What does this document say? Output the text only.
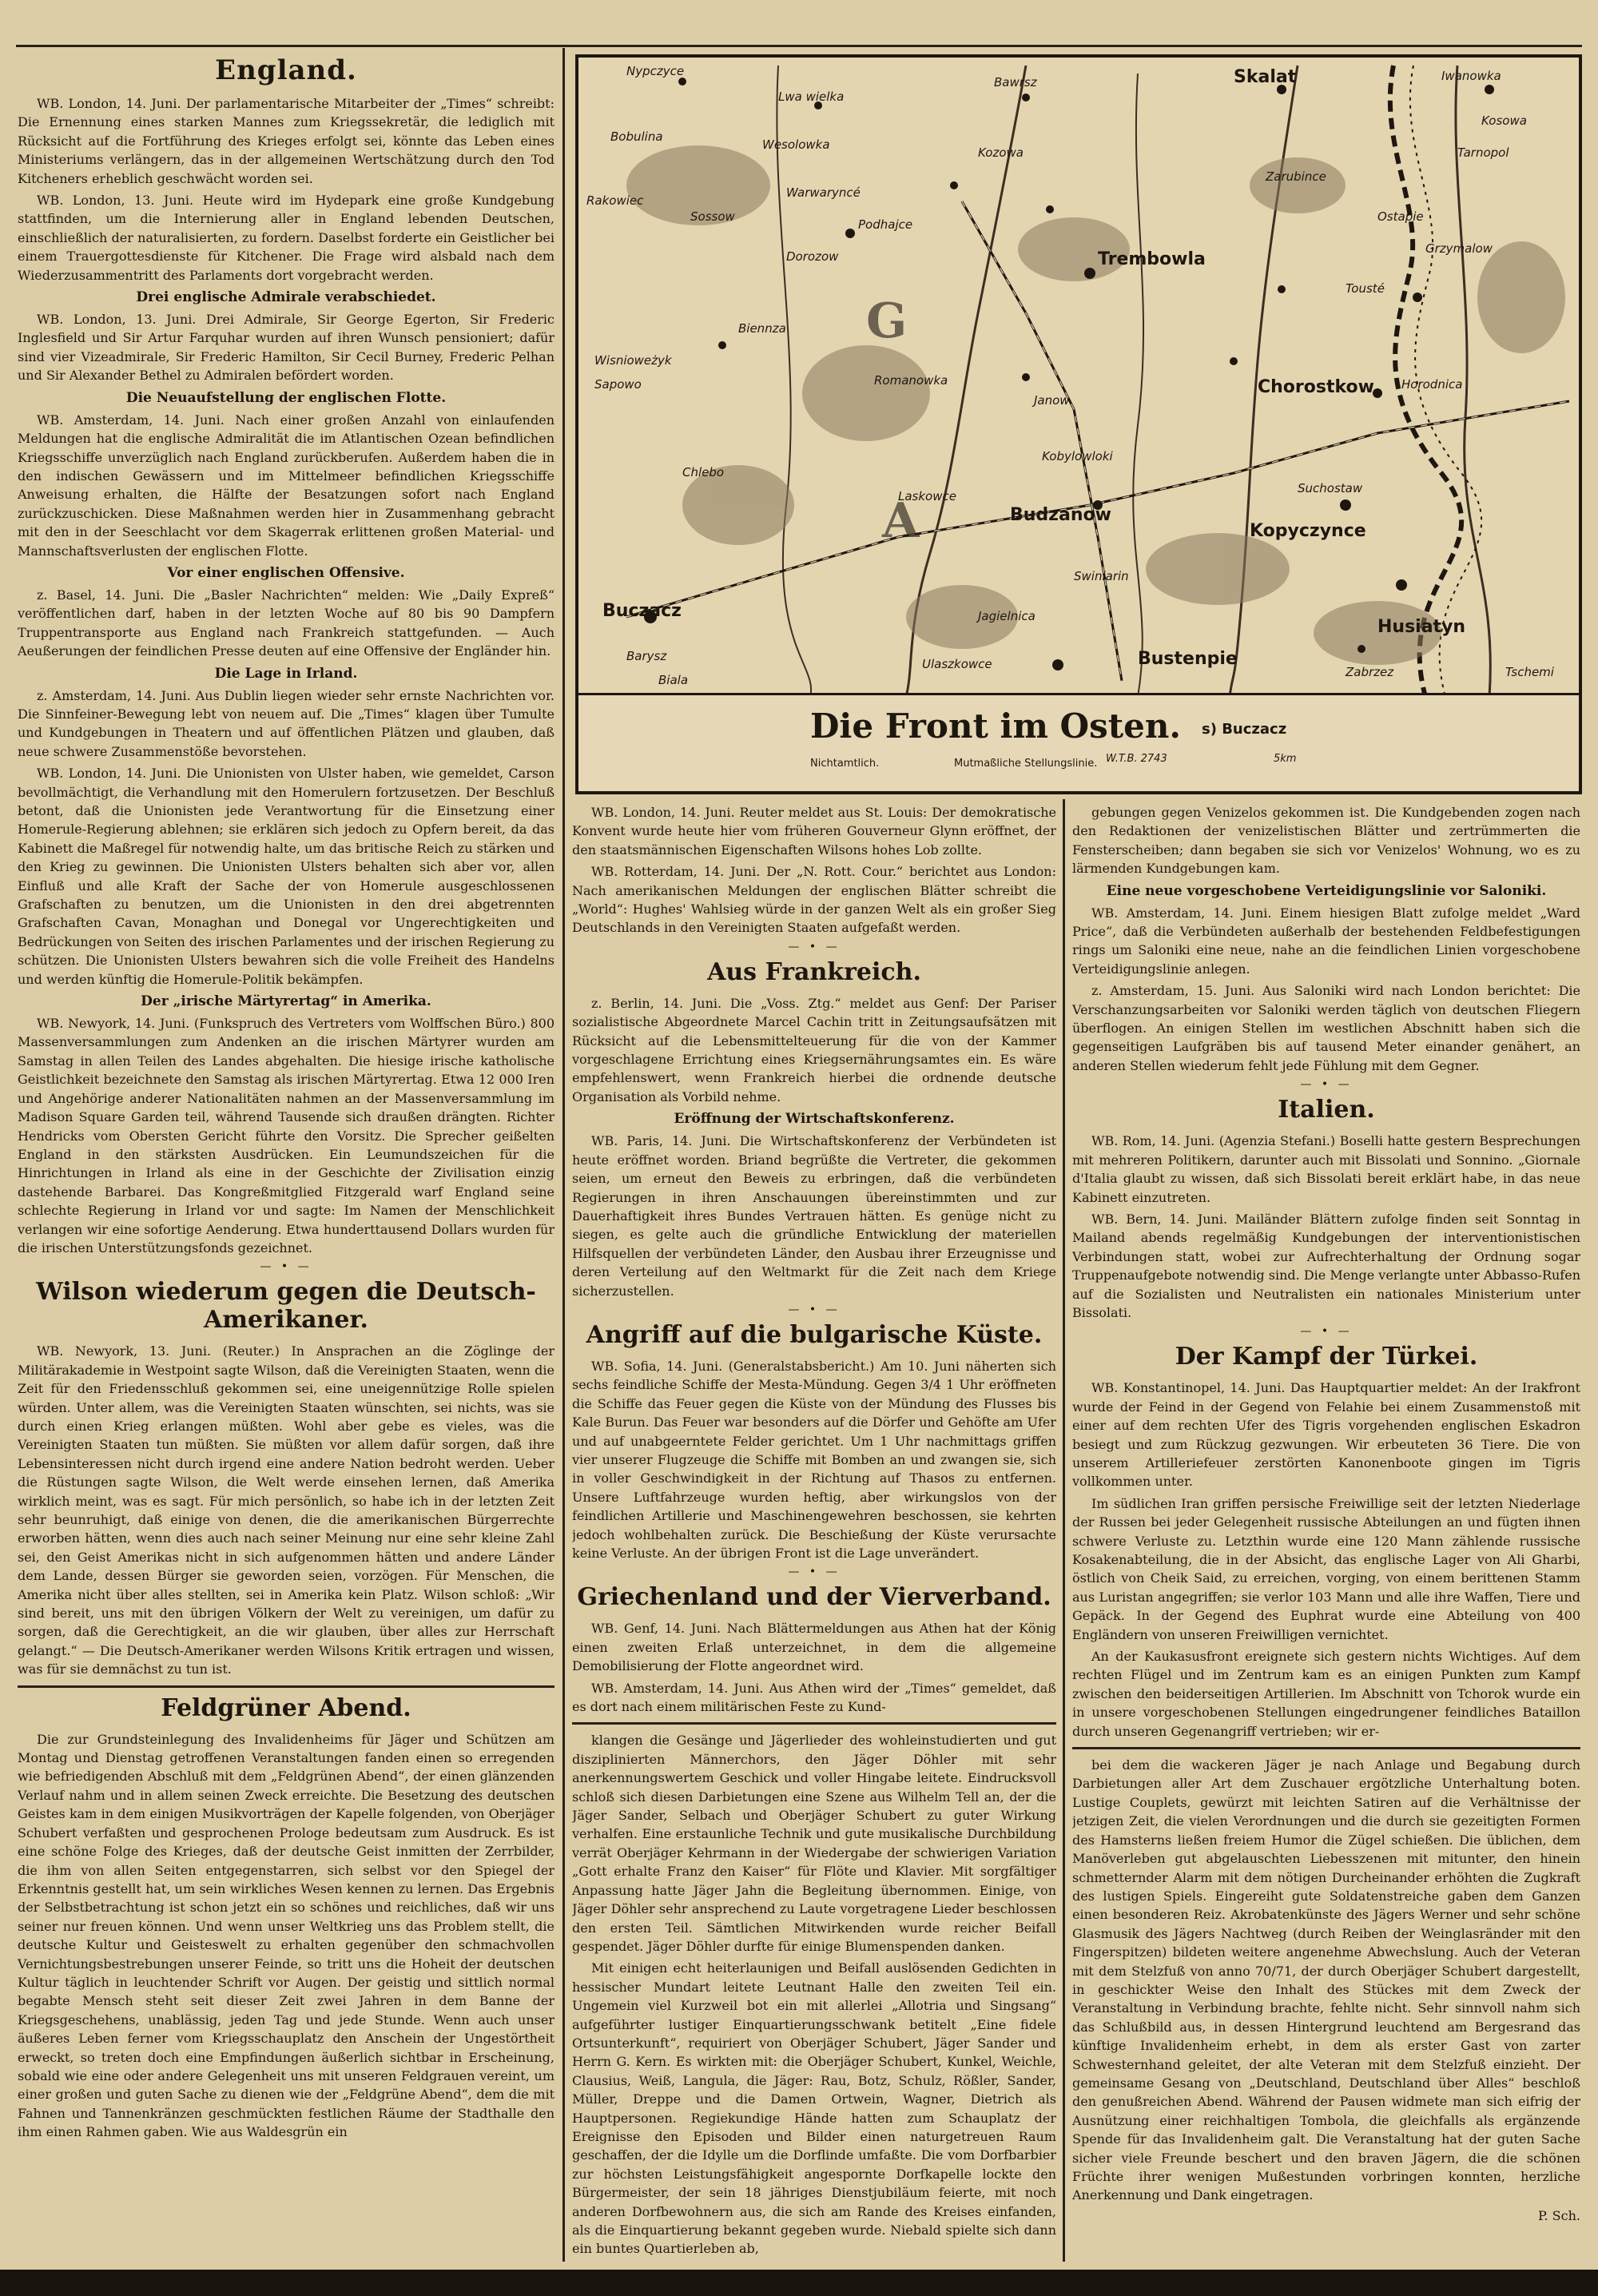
England.

WB. London, 14. Juni. Der parlamentarische Mitarbeiter der „Times“ schreibt: Die Ernennung eines starken Mannes zum Kriegssekretär, die lediglich mit Rücksicht auf die Fortführung des Krieges erfolgt sei, könnte das Leben eines Ministeriums verlängern, das in der allgemeinen Wertschätzung durch den Tod Kitcheners erheblich geschwächt worden sei.

WB. London, 13. Juni. Heute wird im Hydepark eine große Kundgebung stattfinden, um die Internierung aller in England lebenden Deutschen, einschließlich der naturalisierten, zu fordern. Daselbst forderte ein Geistlicher bei einem Trauergottesdienste für Kitchener. Die Frage wird alsbald nach dem Wiederzusammentritt des Parlaments dort vorgebracht werden.

Drei englische Admirale verabschiedet.

WB. London, 13. Juni. Drei Admirale, Sir George Egerton, Sir Frederic Inglesfield und Sir Artur Farquhar wurden auf ihren Wunsch pensioniert; dafür sind vier Vizeadmirale, Sir Frederic Hamilton, Sir Cecil Burney, Frederic Pelhan und Sir Alexander Bethel zu Admiralen befördert worden.

Die Neuaufstellung der englischen Flotte.

WB. Amsterdam, 14. Juni. Nach einer großen Anzahl von einlaufenden Meldungen hat die englische Admiralität die im Atlantischen Ozean befindlichen Kriegsschiffe unverzüglich nach England zurückberufen. Außerdem haben die in den indischen Gewässern und im Mittelmeer befindlichen Kriegsschiffe Anweisung erhalten, die Hälfte der Besatzungen sofort nach England zurückzuschicken. Diese Maßnahmen werden hier in Zusammenhang gebracht mit den in der Seeschlacht vor dem Skagerrak erlittenen großen Material- und Mannschaftsverlusten der englischen Flotte.

Vor einer englischen Offensive.

z. Basel, 14. Juni. Die „Basler Nachrichten“ melden: Wie „Daily Expreß“ veröffentlichen darf, haben in der letzten Woche auf 80 bis 90 Dampfern Truppentransporte aus England nach Frankreich stattgefunden. — Auch Aeußerungen der feindlichen Presse deuten auf eine Offensive der Engländer hin.

Die Lage in Irland.

z. Amsterdam, 14. Juni. Aus Dublin liegen wieder sehr ernste Nachrichten vor. Die Sinnfeiner-Bewegung lebt von neuem auf. Die „Times“ klagen über Tumulte und Kundgebungen in Theatern und auf öffentlichen Plätzen und glauben, daß neue schwere Zusammenstöße bevorstehen.

WB. London, 14. Juni. Die Unionisten von Ulster haben, wie gemeldet, Carson bevollmächtigt, die Verhandlung mit den Homerulern fortzusetzen. Der Beschluß betont, daß die Unionisten jede Verantwortung für die Einsetzung einer Homerule-Regierung ablehnen; sie erklären sich jedoch zu Opfern bereit, da das Kabinett die Maßregel für notwendig halte, um das britische Reich zu stärken und den Krieg zu gewinnen. Die Unionisten Ulsters behalten sich aber vor, allen Einfluß und alle Kraft der Sache der von Homerule ausgeschlossenen Grafschaften zu benutzen, um die Unionisten in den drei abgetrennten Grafschaften Cavan, Monaghan und Donegal vor Ungerechtigkeiten und Bedrückungen von Seiten des irischen Parlamentes und der irischen Regierung zu schützen. Die Unionisten Ulsters bewahren sich die volle Freiheit des Handelns und werden künftig die Homerule-Politik bekämpfen.

Der „irische Märtyrertag“ in Amerika.

WB. Newyork, 14. Juni. (Funkspruch des Vertreters vom Wolffschen Büro.) 800 Massenversammlungen zum Andenken an die irischen Märtyrer wurden am Samstag in allen Teilen des Landes abgehalten. Die hiesige irische katholische Geistlichkeit bezeichnete den Samstag als irischen Märtyrertag. Etwa 12 000 Iren und Angehörige anderer Nationalitäten nahmen an der Massenversammlung im Madison Square Garden teil, während Tausende sich draußen drängten. Richter Hendricks vom Obersten Gericht führte den Vorsitz. Die Sprecher geißelten England in den stärksten Ausdrücken. Ein Leumundszeichen für die Hinrichtungen in Irland als eine in der Geschichte der Zivilisation einzig dastehende Barbarei. Das Kongreßmitglied Fitzgerald warf England seine schlechte Regierung in Irland vor und sagte: Im Namen der Menschlichkeit verlangen wir eine sofortige Aenderung. Etwa hunderttausend Dollars wurden für die irischen Unterstützungsfonds gezeichnet.

— • —
Wilson wiederum gegen die Deutsch-Amerikaner.

WB. Newyork, 13. Juni. (Reuter.) In Ansprachen an die Zöglinge der Militärakademie in Westpoint sagte Wilson, daß die Vereinigten Staaten, wenn die Zeit für den Friedensschluß gekommen sei, eine uneigennützige Rolle spielen würden. Unter allem, was die Vereinigten Staaten wünschten, sei nichts, was sie durch einen Krieg erlangen müßten. Wohl aber gebe es vieles, was die Vereinigten Staaten tun müßten. Sie müßten vor allem dafür sorgen, daß ihre Lebensinteressen nicht durch irgend eine andere Nation bedroht werden. Ueber die Rüstungen sagte Wilson, die Welt werde einsehen lernen, daß Amerika wirklich meint, was es sagt. Für mich persönlich, so habe ich in der letzten Zeit sehr beunruhigt, daß einige von denen, die die amerikanischen Bürgerrechte erworben hätten, wenn dies auch nach seiner Meinung nur eine sehr kleine Zahl sei, den Geist Amerikas nicht in sich aufgenommen hätten und andere Länder dem Lande, dessen Bürger sie geworden seien, vorzögen. Für Menschen, die Amerika nicht über alles stellten, sei in Amerika kein Platz. Wilson schloß: „Wir sind bereit, uns mit den übrigen Völkern der Welt zu vereinigen, um dafür zu sorgen, daß die Gerechtigkeit, an die wir glauben, über alles zur Herrschaft gelangt.“ — Die Deutsch-Amerikaner werden Wilsons Kritik ertragen und wissen, was für sie demnächst zu tun ist.

Feldgrüner Abend.

Die zur Grundsteinlegung des Invalidenheims für Jäger und Schützen am Montag und Dienstag getroffenen Veranstaltungen fanden einen so erregenden wie befriedigenden Abschluß mit dem „Feldgrünen Abend“, der einen glänzenden Verlauf nahm und in allem seinen Zweck erreichte. Die Besetzung des deutschen Geistes kam in dem einigen Musikvorträgen der Kapelle folgenden, von Oberjäger Schubert verfaßten und gesprochenen Prologe bedeutsam zum Ausdruck. Es ist eine schöne Folge des Krieges, daß der deutsche Geist inmitten der Zerrbilder, die ihm von allen Seiten entgegenstarren, sich selbst vor den Spiegel der Erkenntnis gestellt hat, um sein wirkliches Wesen kennen zu lernen. Das Ergebnis der Selbstbetrachtung ist schon jetzt ein so schönes und reichliches, daß wir uns seiner nur freuen können. Und wenn unser Weltkrieg uns das Problem stellt, die deutsche Kultur und Geisteswelt zu erhalten gegenüber den schmachvollen Vernichtungsbestrebungen unserer Feinde, so tritt uns die Hoheit der deutschen Kultur täglich in leuchtender Schrift vor Augen. Der geistig und sittlich normal begabte Mensch steht seit dieser Zeit zwei Jahren in dem Banne der Kriegsgeschehens, unablässig, jeden Tag und jede Stunde. Wenn auch unser äußeres Leben ferner vom Kriegsschauplatz den Anschein der Ungestörtheit erweckt, so treten doch eine Empfindungen äußerlich sichtbar in Erscheinung, sobald wie eine oder andere Gelegenheit uns mit unseren Feldgrauen vereint, um einer großen und guten Sache zu dienen wie der „Feldgrüne Abend“, dem die mit Fahnen und Tannenkränzen geschmückten festlichen Räume der Stadthalle den ihm einen Rahmen gaben. Wie aus Waldesgrün ein

G
A
Nypczyce
Lwa wielka
Bawrsz	Skalat	Iwanowka
Bobulina
Wesolowka
Kozowa	Tarnopol
Zarubince
Rakowiec
Sossow
Podhajce
Warwaryncé
Ostapie
Trembowla
Dorozow
Grzymalow
Tousté
Biennza
Wisnioweżyk
Sapowo	Romanowka
Janow
Chorostkow Horodnica
Kobylowloki
Laskowce
Budzanow
Kopyczynce
Suchostaw
Buczacz
Swiniarin
Husiatyn
Kosowa
Bustenpie
Zabrzez
Chlebo
Barysz
Biala
Jagielnica
Ulaszkowce
Tschemi
Die Front im Osten. s) Buczacz
Nichtamtlich.	Mutmaßliche Stellungslinie. W.T.B. 2743	5km

WB. London, 14. Juni. Reuter meldet aus St. Louis: Der demokratische Konvent wurde heute hier vom früheren Gouverneur Glynn eröffnet, der den staatsmännischen Eigenschaften Wilsons hohes Lob zollte.

WB. Rotterdam, 14. Juni. Der „N. Rott. Cour.“ berichtet aus London: Nach amerikanischen Meldungen der englischen Blätter schreibt die „World“: Hughes' Wahlsieg würde in der ganzen Welt als ein großer Sieg Deutschlands in den Vereinigten Staaten aufgefaßt werden.

— • —
Aus Frankreich.

z. Berlin, 14. Juni. Die „Voss. Ztg.“ meldet aus Genf: Der Pariser sozialistische Abgeordnete Marcel Cachin tritt in Zeitungsaufsätzen mit Rücksicht auf die Lebensmittelteuerung für die von der Kammer vorgeschlagene Errichtung eines Kriegsernährungsamtes ein. Es wäre empfehlenswert, wenn Frankreich hierbei die ordnende deutsche Organisation als Vorbild nehme.

Eröffnung der Wirtschaftskonferenz.

WB. Paris, 14. Juni. Die Wirtschaftskonferenz der Verbündeten ist heute eröffnet worden. Briand begrüßte die Vertreter, die gekommen seien, um erneut den Beweis zu erbringen, daß die verbündeten Regierungen in ihren Anschauungen übereinstimmten und zur Dauerhaftigkeit ihres Bundes Vertrauen hätten. Es genüge nicht zu siegen, es gelte auch die gründliche Entwicklung der materiellen Hilfsquellen der verbündeten Länder, den Ausbau ihrer Erzeugnisse und deren Verteilung auf den Weltmarkt für die Zeit nach dem Kriege sicherzustellen.

— • —
Angriff auf die bulgarische Küste.

WB. Sofia, 14. Juni. (Generalstabsbericht.) Am 10. Juni näherten sich sechs feindliche Schiffe der Mesta-Mündung. Gegen 3/4 1 Uhr eröffneten die Schiffe das Feuer gegen die Küste von der Mündung des Flusses bis Kale Burun. Das Feuer war besonders auf die Dörfer und Gehöfte am Ufer und auf unabgeerntete Felder gerichtet. Um 1 Uhr nachmittags griffen vier unserer Flugzeuge die Schiffe mit Bomben an und zwangen sie, sich in voller Geschwindigkeit in der Richtung auf Thasos zu entfernen. Unsere Luftfahrzeuge wurden heftig, aber wirkungslos von der feindlichen Artillerie und Maschinengewehren beschossen, sie kehrten jedoch wohlbehalten zurück. Die Beschießung der Küste verursachte keine Verluste. An der übrigen Front ist die Lage unverändert.

— • —
Griechenland und der Vierverband.

WB. Genf, 14. Juni. Nach Blättermeldungen aus Athen hat der König einen zweiten Erlaß unterzeichnet, in dem die allgemeine Demobilisierung der Flotte angeordnet wird.

WB. Amsterdam, 14. Juni. Aus Athen wird der „Times“ gemeldet, daß es dort nach einem militärischen Feste zu Kund-

klangen die Gesänge und Jägerlieder des wohleinstudierten und gut disziplinierten Männerchors, den Jäger Döhler mit sehr anerkennungswertem Geschick und voller Hingabe leitete. Eindrucksvoll schloß sich diesen Darbietungen eine Szene aus Wilhelm Tell an, der die Jäger Sander, Selbach und Oberjäger Schubert zu guter Wirkung verhalfen. Eine erstaunliche Technik und gute musikalische Durchbildung verrät Oberjäger Kehrmann in der Wiedergabe der schwierigen Variation „Gott erhalte Franz den Kaiser“ für Flöte und Klavier. Mit sorgfältiger Anpassung hatte Jäger Jahn die Begleitung übernommen. Einige, von Jäger Döhler sehr ansprechend zu Laute vorgetragene Lieder beschlossen den ersten Teil. Sämtlichen Mitwirkenden wurde reicher Beifall gespendet. Jäger Döhler durfte für einige Blumenspenden danken.

Mit einigen echt heiterlaunigen und Beifall auslösenden Gedichten in hessischer Mundart leitete Leutnant Halle den zweiten Teil ein. Ungemein viel Kurzweil bot ein mit allerlei „Allotria und Singsang“ aufgeführter lustiger Einquartierungsschwank betitelt „Eine fidele Ortsunterkunft“, requiriert von Oberjäger Schubert, Jäger Sander und Herrn G. Kern. Es wirkten mit: die Oberjäger Schubert, Kunkel, Weichle, Clausius, Weiß, Langula, die Jäger: Rau, Botz, Schulz, Rößler, Sander, Müller, Dreppe und die Damen Ortwein, Wagner, Dietrich als Hauptpersonen. Regiekundige Hände hatten zum Schauplatz der Ereignisse den Episoden und Bilder einen naturgetreuen Raum geschaffen, der die Idylle um die Dorflinde umfaßte. Die vom Dorfbarbier zur höchsten Leistungsfähigkeit angespornte Dorfkapelle lockte den Bürgermeister, der sein 18 jähriges Dienstjubiläum feierte, mit noch anderen Dorfbewohnern aus, die sich am Rande des Kreises einfanden, als die Einquartierung bekannt gegeben wurde. Niebald spielte sich dann ein buntes Quartierleben ab,

gebungen gegen Venizelos gekommen ist. Die Kundgebenden zogen nach den Redaktionen der venizelistischen Blätter und zertrümmerten die Fensterscheiben; dann begaben sie sich vor Venizelos' Wohnung, wo es zu lärmenden Kundgebungen kam.

Eine neue vorgeschobene Verteidigungslinie vor Saloniki.

WB. Amsterdam, 14. Juni. Einem hiesigen Blatt zufolge meldet „Ward Price“, daß die Verbündeten außerhalb der bestehenden Feldbefestigungen rings um Saloniki eine neue, nahe an die feindlichen Linien vorgeschobene Verteidigungslinie anlegen.

z. Amsterdam, 15. Juni. Aus Saloniki wird nach London berichtet: Die Verschanzungsarbeiten vor Saloniki werden täglich von deutschen Fliegern überflogen. An einigen Stellen im westlichen Abschnitt haben sich die gegenseitigen Laufgräben bis auf tausend Meter einander genähert, an anderen Stellen wiederum fehlt jede Fühlung mit dem Gegner.

— • —
Italien.

WB. Rom, 14. Juni. (Agenzia Stefani.) Boselli hatte gestern Besprechungen mit mehreren Politikern, darunter auch mit Bissolati und Sonnino. „Giornale d'Italia glaubt zu wissen, daß sich Bissolati bereit erklärt habe, in das neue Kabinett einzutreten.

WB. Bern, 14. Juni. Mailänder Blättern zufolge finden seit Sonntag in Mailand abends regelmäßig Kundgebungen der interventionistischen Verbindungen statt, wobei zur Aufrechterhaltung der Ordnung sogar Truppenaufgebote notwendig sind. Die Menge verlangte unter Abbasso-Rufen auf die Sozialisten und Neutralisten ein nationales Ministerium unter Bissolati.

— • —
Der Kampf der Türkei.

WB. Konstantinopel, 14. Juni. Das Hauptquartier meldet: An der Irakfront wurde der Feind in der Gegend von Felahie bei einem Zusammenstoß mit einer auf dem rechten Ufer des Tigris vorgehenden englischen Eskadron besiegt und zum Rückzug gezwungen. Wir erbeuteten 36 Tiere. Die von unserem Artilleriefeuer zerstörten Kanonenboote gingen im Tigris vollkommen unter.

Im südlichen Iran griffen persische Freiwillige seit der letzten Niederlage der Russen bei jeder Gelegenheit russische Abteilungen an und fügten ihnen schwere Verluste zu. Letzthin wurde eine 120 Mann zählende russische Kosakenabteilung, die in der Absicht, das englische Lager von Ali Gharbi, östlich von Cheik Said, zu erreichen, vorging, von einem berittenen Stamm aus Luristan angegriffen; sie verlor 103 Mann und alle ihre Waffen, Tiere und Gepäck. In der Gegend des Euphrat wurde eine Abteilung von 400 Engländern von unseren Freiwilligen vernichtet.

An der Kaukasusfront ereignete sich gestern nichts Wichtiges. Auf dem rechten Flügel und im Zentrum kam es an einigen Punkten zum Kampf zwischen den beiderseitigen Artillerien. Im Abschnitt von Tchorok wurde ein in unsere vorgeschobenen Stellungen eingedrungener feindliches Bataillon durch unseren Gegenangriff vertrieben; wir er-

bei dem die wackeren Jäger je nach Anlage und Begabung durch Darbietungen aller Art dem Zuschauer ergötzliche Unterhaltung boten. Lustige Couplets, gewürzt mit leichten Satiren auf die Verhältnisse der jetzigen Zeit, die vielen Verordnungen und die durch sie gezeitigten Formen des Hamsterns ließen freiem Humor die Zügel schießen. Die üblichen, dem Manöverleben gut abgelauschten Liebesszenen mit mitunter, den hinein schmetternder Alarm mit dem nötigen Durcheinander erhöhten die Zugkraft des lustigen Spiels. Eingereiht gute Soldatenstreiche gaben dem Ganzen einen besonderen Reiz. Akrobatenkünste des Jägers Werner und sehr schöne Glasmusik des Jägers Nachtweg (durch Reiben der Weinglasränder mit den Fingerspitzen) bildeten weitere angenehme Abwechslung. Auch der Veteran mit dem Stelzfuß von anno 70/71, der durch Oberjäger Schubert dargestellt, in geschickter Weise den Inhalt des Stückes mit dem Zweck der Veranstaltung in Verbindung brachte, fehlte nicht. Sehr sinnvoll nahm sich das Schlußbild aus, in dessen Hintergrund leuchtend am Bergesrand das künftige Invalidenheim erhebt, in dem als erster Gast von zarter Schwesternhand geleitet, der alte Veteran mit dem Stelzfuß einzieht. Der gemeinsame Gesang von „Deutschland, Deutschland über Alles“ beschloß den genußreichen Abend. Während der Pausen widmete man sich eifrig der Ausnützung einer reichhaltigen Tombola, die gleichfalls als ergänzende Spende für das Invalidenheim galt. Die Veranstaltung hat der guten Sache sicher viele Freunde beschert und den braven Jägern, die die schönen Früchte ihrer wenigen Mußestunden vorbringen konnten, herzliche Anerkennung und Dank eingetragen.

P. Sch.
